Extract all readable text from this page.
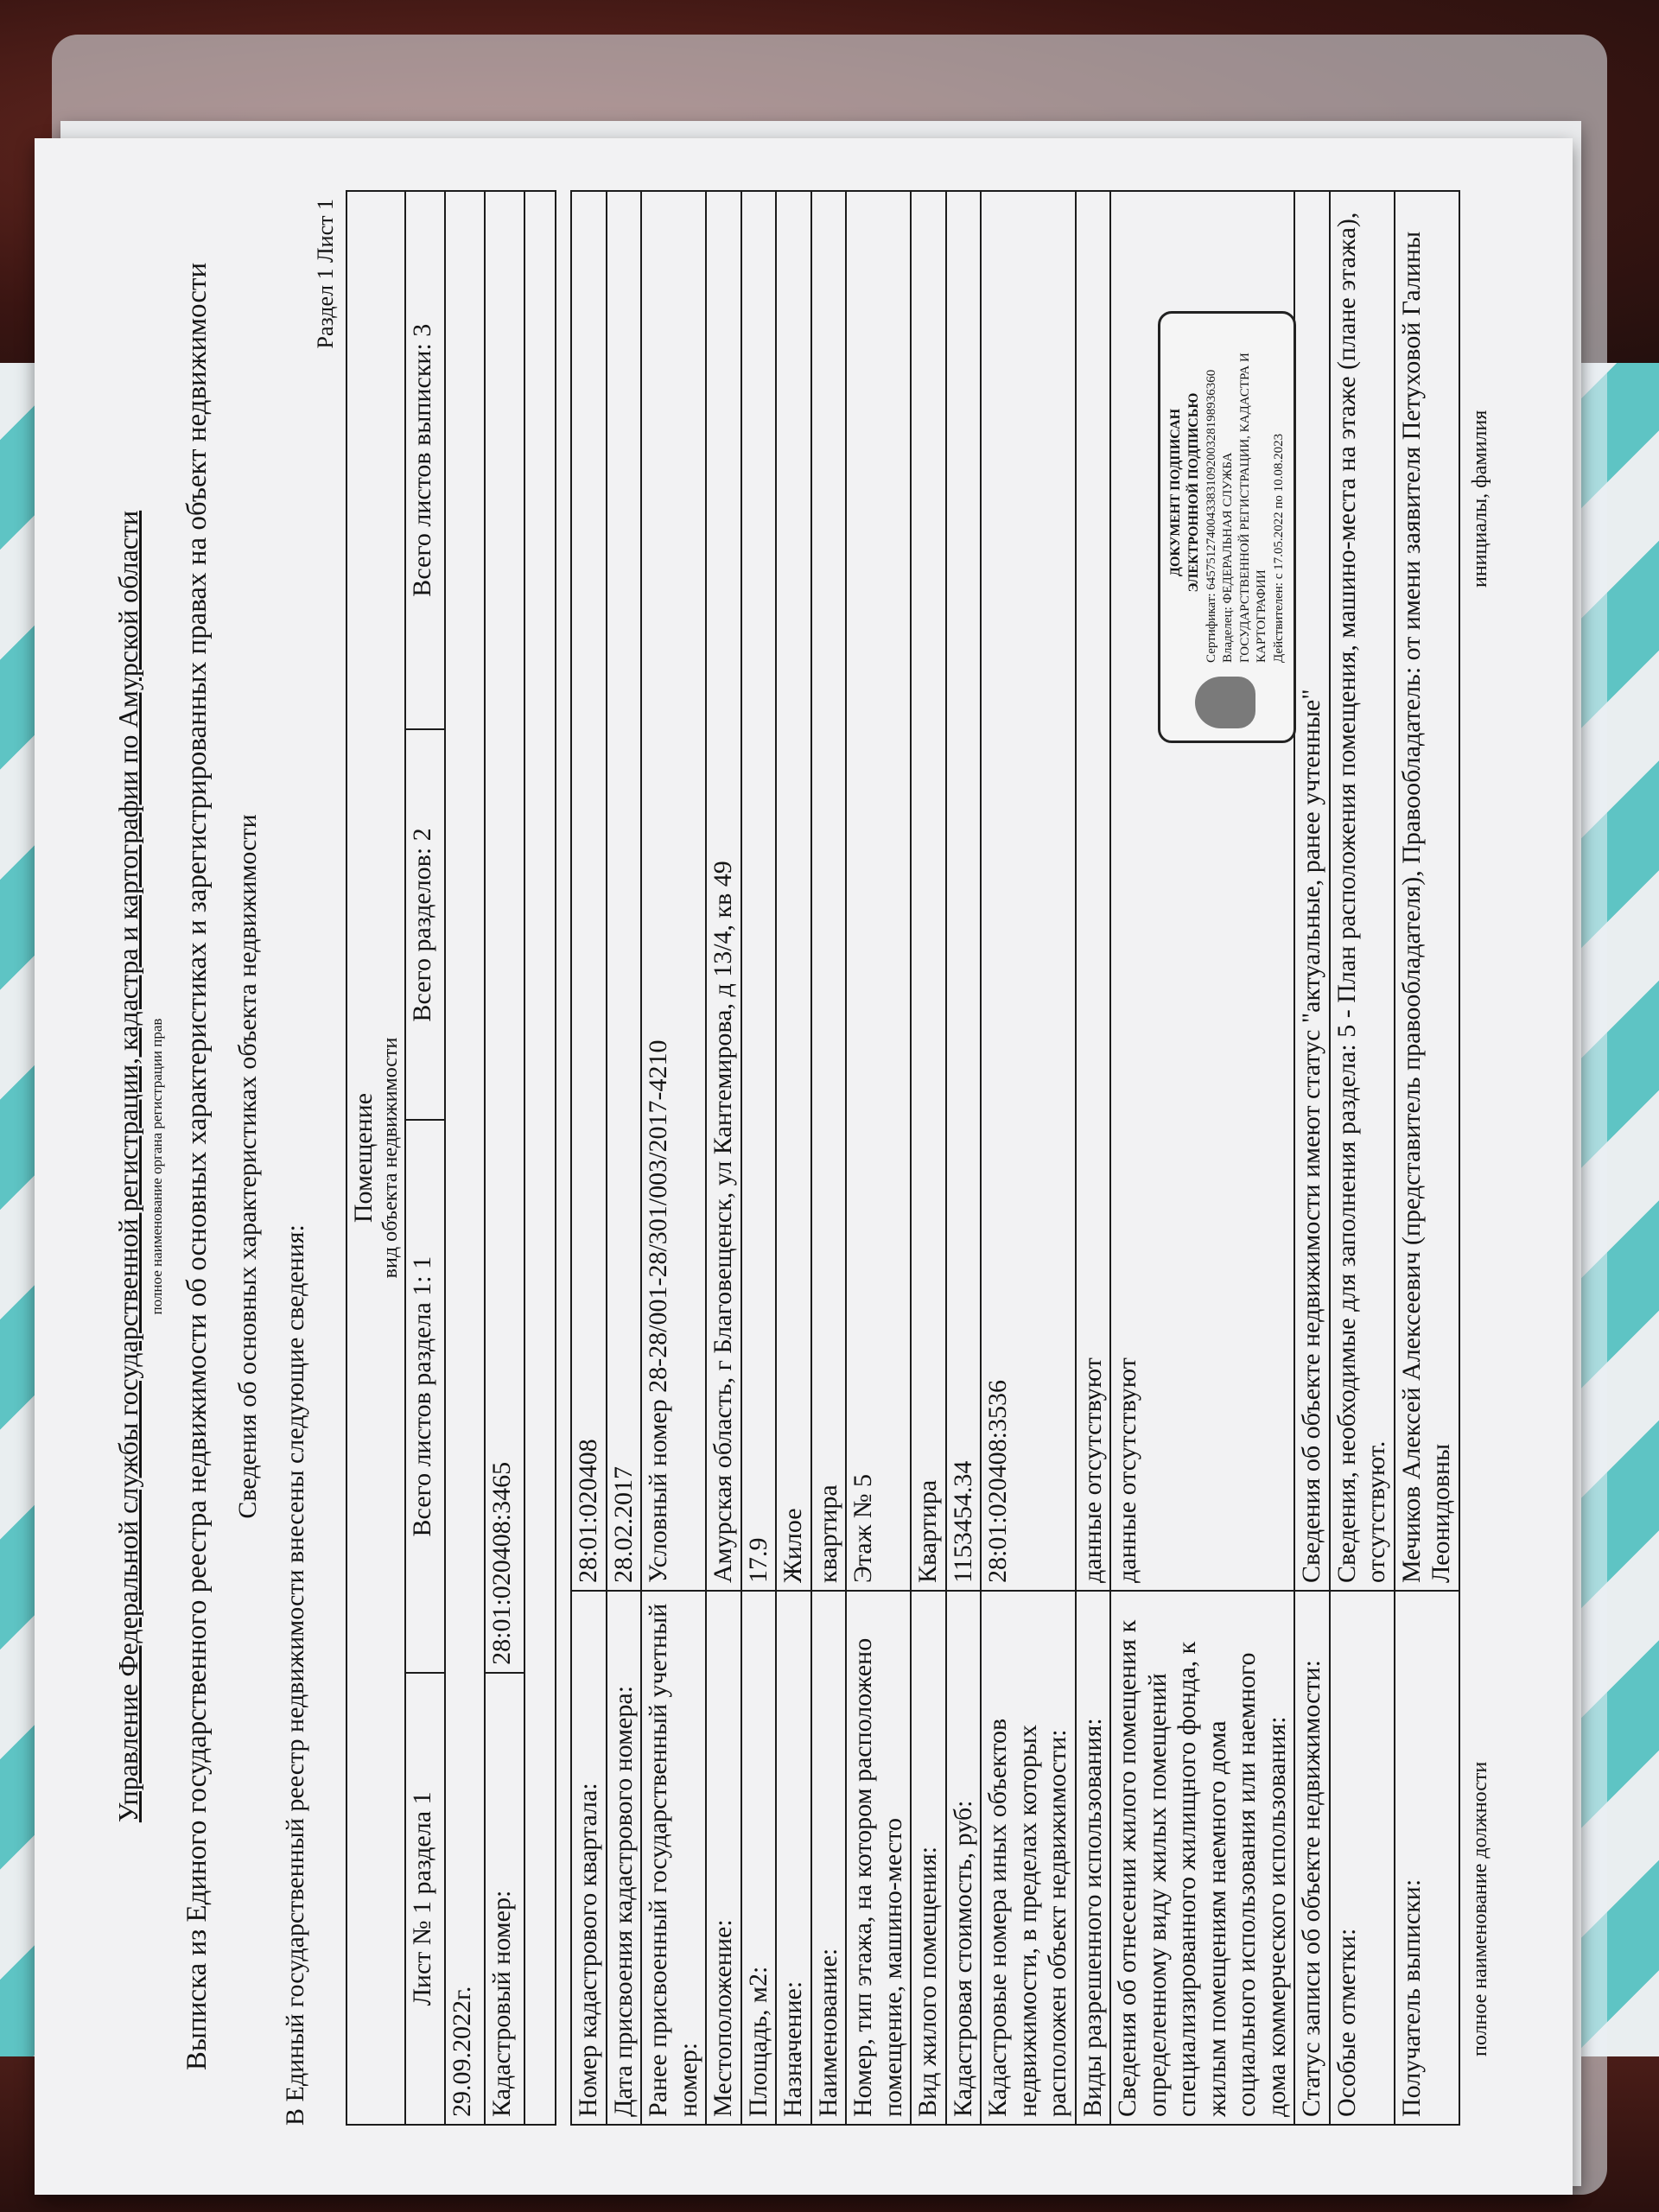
Управление Федеральной службы государственной регистрации, кадастра и картографии по Амурской области полное наименование органа регистрации прав Выписка из Единого государственного реестра недвижимости об основных характеристиках и зарегистрированных правах на объект недвижимости Сведения об основных характеристиках объекта недвижимости
В Единый государственный реестр недвижимости внесены следующие сведения:
Раздел 1 Лист 1
Помещение вид объекта недвижимости			

Лист № 1 раздела 1	Всего листов раздела 1: 1	Всего разделов: 2	Всего листов выписки: 3
29.09.2022г.			
Кадастровый номер:	28:01:020408:3465		

Номер кадастрового квартала:	28:01:020408
Дата присвоения кадастрового номера:	28.02.2017
Ранее присвоенный государственный учетный номер:	Условный номер 28-28/001-28/301/003/2017-4210
Местоположение:	Амурская область, г Благовещенск, ул Кантемирова, д 13/4, кв 49
Площадь, м2:	17.9
Назначение:	Жилое
Наименование:	квартира
Номер, тип этажа, на котором расположено помещение, машино-место	Этаж № 5
Вид жилого помещения:	Квартира
Кадастровая стоимость, руб:	1153454.34
Кадастровые номера иных объектов недвижимости, в пределах которых расположен объект недвижимости:	28:01:020408:3536
Виды разрешенного использования:	данные отсутствуют
Сведения об отнесении жилого помещения к определенному виду жилых помещений специализированного жилищного фонда, к жилым помещениям наемного дома социального использования или наемного дома коммерческого использования:	данные отсутствуют
Статус записи об объекте недвижимости:	Сведения об объекте недвижимости имеют статус "актуальные, ранее учтенные"
Особые отметки:	Сведения, необходимые для заполнения раздела: 5 - План расположения помещения, машино-места на этаже (плане этажа), отсутствуют.
Получатель выписки:	Мечиков Алексей Алексеевич (представитель правообладателя), Правообладатель: от имени заявителя Петуховой Галины Леонидовны
ДОКУМЕНТ ПОДПИСАН ЭЛЕКТРОННОЙ ПОДПИСЬЮ Сертификат: 6457512740043383109200328198936360 Владелец: ФЕДЕРАЛЬНАЯ СЛУЖБА ГОСУДАРСТВЕННОЙ РЕГИСТРАЦИИ, КАДАСТРА И КАРТОГРАФИИ Действителен: с 17.05.2022 по 10.08.2023
полное наименование должности
инициалы, фамилия
